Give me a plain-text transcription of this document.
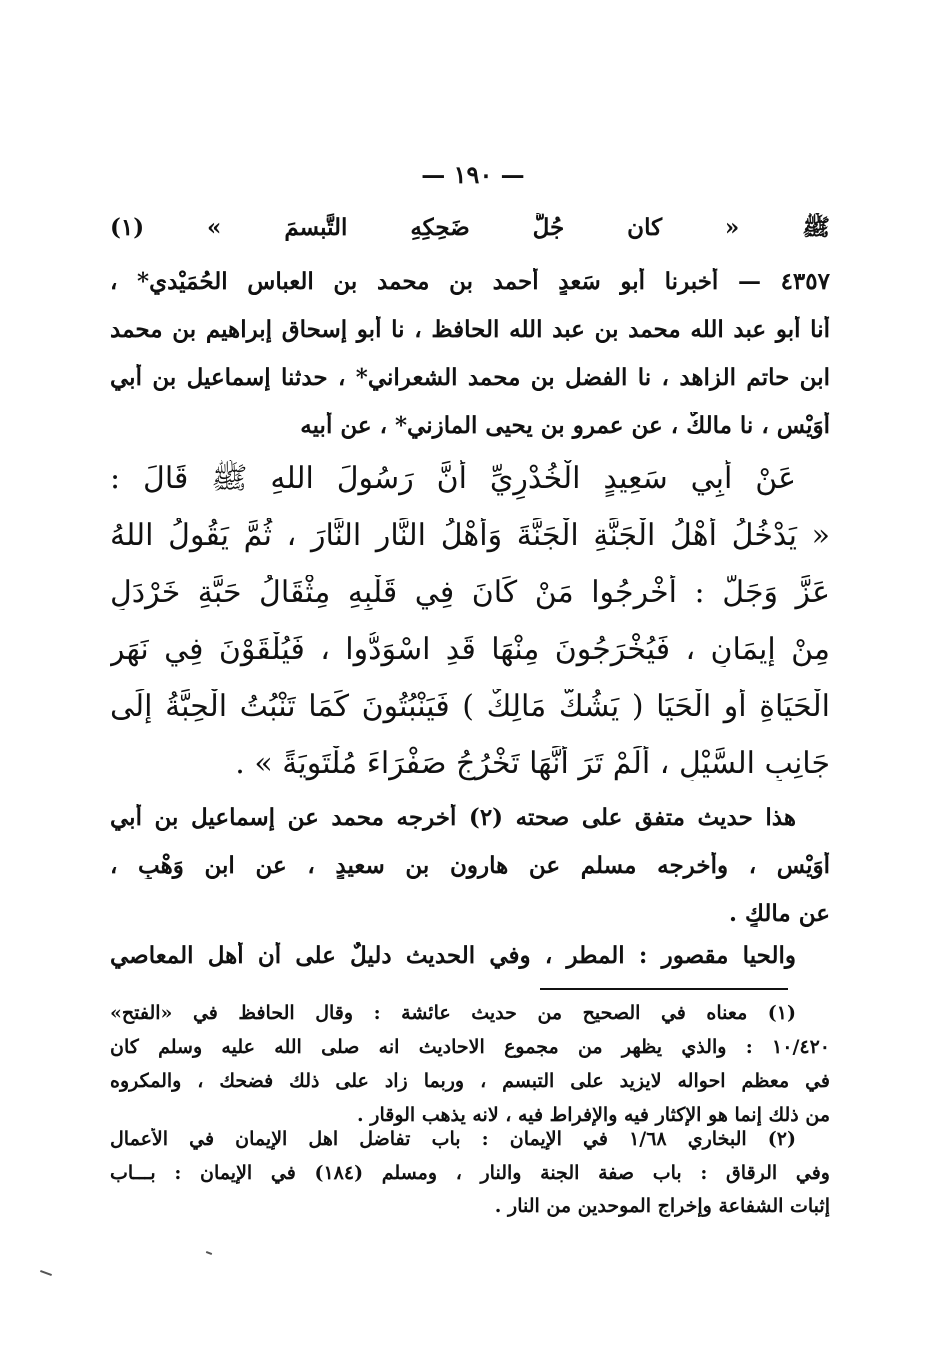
— ١٩٠ —
ﷺ « كان جُلُّ ضَحِكِهِ التَّبسمَ » (١)
٤٣٥٧ — أخبرنا أبو سَعدٍ أحمد بن محمد بن العباس الحُمَيْدي* ،
أنا أبو عبد الله محمد بن عبد الله الحافظ ، نا أبو إسحاق إبراهيم بن محمد
ابن حاتم الزاهد ، نا الفضل بن محمد الشعراني* ، حدثنا إسماعيل بن أبي
أُوَيْس ، نا مالكٌ ، عن عمرو بن يحيى المازني* ، عن أبيه
عَنْ أَبِي سَعِيدٍ الْخُدْرِيِّ أَنَّ رَسُولَ اللهِ ﷺ قَالَ :
« يَدْخُلُ أَهْلُ الْجَنَّةِ الْجَنَّةَ وَأَهْلُ النَّارِ النَّارَ ، ثُمَّ يَقُولُ اللهُ
عَزَّ وَجَلَّ : أَخْرِجُوا مَنْ كَانَ فِي قَلْبِهِ مِثْقَالُ حَبَّةِ خَرْدَلٍ
مِنْ إِيمَانٍ ، فَيُخْرَجُونَ مِنْهَا قَدِ اسْوَدُّوا ، فَيُلْقَوْنَ فِي نَهَرِ
الْحَيَاةِ أَوِ الْحَيَا ( يَشُكُّ مَالِكٌ ) فَيَنْبُتُونَ كَمَا تَنْبُتُ الْحِبَّةُ إِلَى
جَانِبِ السَّيْلِ ، أَلَمْ تَرَ أَنَّهَا تَخْرُجُ صَفْرَاءَ مُلْتَوِيَةً » .
هذا حديث متفق على صحته (٢) أخرجه محمد عن إسماعيل بن أبي
أُوَيْس ، وأخرجه مسلم عن هارون بن سعيدٍ ، عن ابن وَهْبٍ ،
عن مالكٍ .
والحيا مقصور : المطر ، وفي الحديث دليلٌ على أن أهل المعاصي
(١) معناه في الصحيح من حديث عائشة : وقال الحافظ في «الفتح»
١٠/٤٢٠ : والذي يظهر من مجموع الاحاديث انه صلى الله عليه وسلم كان
في معظم احواله لايزيد على التبسم ، وربما زاد على ذلك فضحك ، والمكروه
من ذلك إنما هو الإكثار فيه والإفراط فيه ، لانه يذهب الوقار .
(٢) البخاري ١/٦٨ في الإيمان : باب تفاضل اهل الإيمان في الأعمال
وفي الرقاق : باب صفة الجنة والنار ، ومسلم (١٨٤) في الإيمان : بـــاب
إثبات الشفاعة وإخراج الموحدين من النار .
